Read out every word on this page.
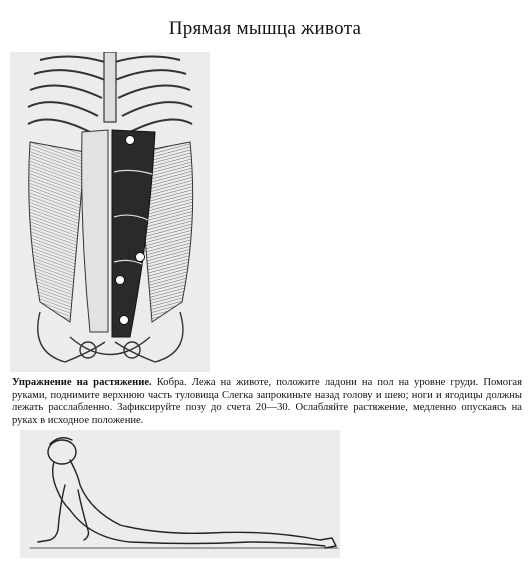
Прямая мышца живота
Упражнение на растяжение. Кобра. Лежа на животе, положите ладони на пол на уровне груди. Помогая руками, поднимите верхнюю часть туловища Слегка запрокиньте назад голову и шею; ноги и ягодицы должны лежать расслабленно. Зафиксируйте позу до счета 20—30. Ослабляйте растяжение, медленно опускаясь на руках в исходное положение.
